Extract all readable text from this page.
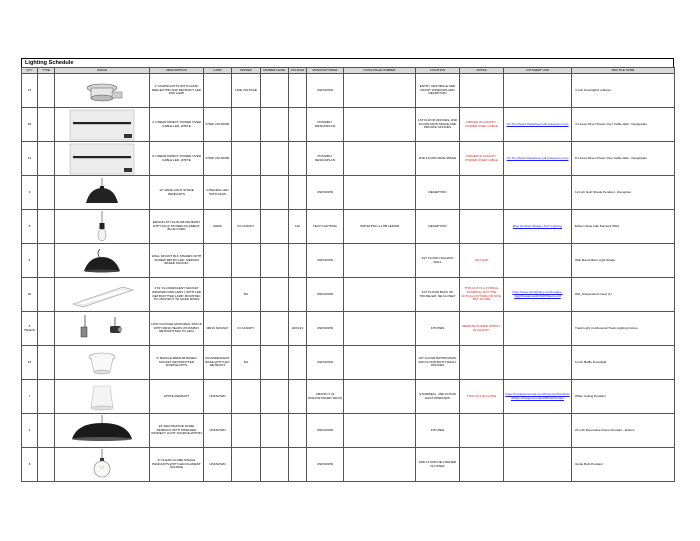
Lighting Schedule
QTY	TYPE	IMAGE	DESCRIPTION	LAMP	DRIVER	DIMMER LEVEL	VOLTAGE	MANUFACTURER	CATALOGUE NUMBER	LOCATION	NOTES	CUTSHEET LINK	REV FILE NAME
72			4" DOWNLIGHTS WITH ALZAK REFLECTOR AND RETROFIT LED PAR LAMP		LINE VOLTAGE			UNKNOWN		ENTRY VESTIBULE AND FRONT WINDOWS AND RECEPTION			4 inch Downlights reflector
26			4' LINEAR DIRECT POWER OVER CABLE LED, WHITE	2700K OR 3000K				POSSIBLY DESIGNPLAN		1ST FLOOR OFFICES, 2ND FLOOR MAIN SPACE AND PRIVATE OFFICES	DRIVER IN CANOPY, POWER OVER CABLE	On The Rocks Datasheet.pdf (usiaexpo.com)	4' Linear Direct Power Over Cable LED - Designplan
12			6' LINEAR DIRECT POWER OVER CABLE LED, WHITE	2700K OR 3000K				POSSIBLY DESIGNPLAN		2ND FLOOR MAIN SPACE	DRIVER IN CANOPY, POWER OVER CABLE	On The Rocks Datasheet.pdf (usiaexpo.com)	6' Linear Direct Power Over Cable LED - Designplan
9			12" WIDE GOLD SHADE PENDANTS	INTEGRAL LED WITH LENS				UNKNOWN		RECEPTION			12 inch Gold Shade Pendant - Reception
8			EDISON-STYLE BULB PENDANT WITH FAUX STONED FILAMENT, BLUE CORD	2000K	IN CANOPY		120	TECH LIGHTING	700TDLPNC-4-LHB-LED930	RECEPTION		Blue Pendant Shade | Tech Lighting	Edison Style bulb Pendant 0001
6			WALL MOUNT BLK SHADES WITH SCREW RETRO LED, MEDIUM BASED SOCKET					UNKNOWN		1ST FLOOR HALLWAY WALL	NOT SOK		Wall Mount Barn Light Shade
20			4'X1' FLUORESCENT SOCKET WRAPAROUND LENS (-WITH LED RETROFITTED LAMP, MOUNTED TO UNISTRUT TO MAKE ROWS		NA			UNKNOWN		1ST FLOOR BACK OF HOUSE EM: NE CLOSET	THIS CUT IS A TYPICAL EXAMPLE, NOT THE ACTUAL FIXTURE ON SITE, BUT IS ONE	https://www.spi-lighting.com/Images-Jpg/Wraparound/1N4P/Sports.pdf	002_Suspended Linear (1)
8 HEADS			LOW VOLTAGE MONORAIL TRACK WITH MR16 HEADS (POSSIBLY RETROFITTED TO LED)	MR16 SOCKET	IN CANOPY		24V/12V	UNKNOWN		KITCHEN	REMOTE POWER SUPPLY IN CANOPY		Track Light (in-Monorail Track Lighting Fixture
16			6" BAFFLE MEDIUM BASED SOCKET RETROFITTED DOWNLIGHTS	INCANDESCENT BASE WITH LED RETROFIT	NA			UNKNOWN		1ST FLOOR BATHROOMS, 2ND FLOOR BOTH SMALL OFFICES			6 inch Baffle Downlight
7			WHITE PENDANT	UNKNOWN				CRANK IT (& DISCONTINUED TECH)		STAIRWELL, 2ND FLOOR EAST WINDOWS	THIS CUT IS CLOSE	https://crankituniversal.com/Products/Pendants/White-Vintage-Pendant/WhitePendant	White Ceiling Pendant
2			24" DECORATIVE DOME PENDANT WITH SHIELDED INDIRECT LIGHT SOURCE WITHIN	UNKNOWN				UNKNOWN		KITCHEN			24 inch Decorative Dome Pendant - kitchen
8			9" CLEAR GLOBE SINGLE PENDANTS WITH LED FILAMENT SOURCE	UNKNOWN				UNKNOWN		2ND FLOOR NE CORNER CLUSTER			Globe Bulb Pendant
